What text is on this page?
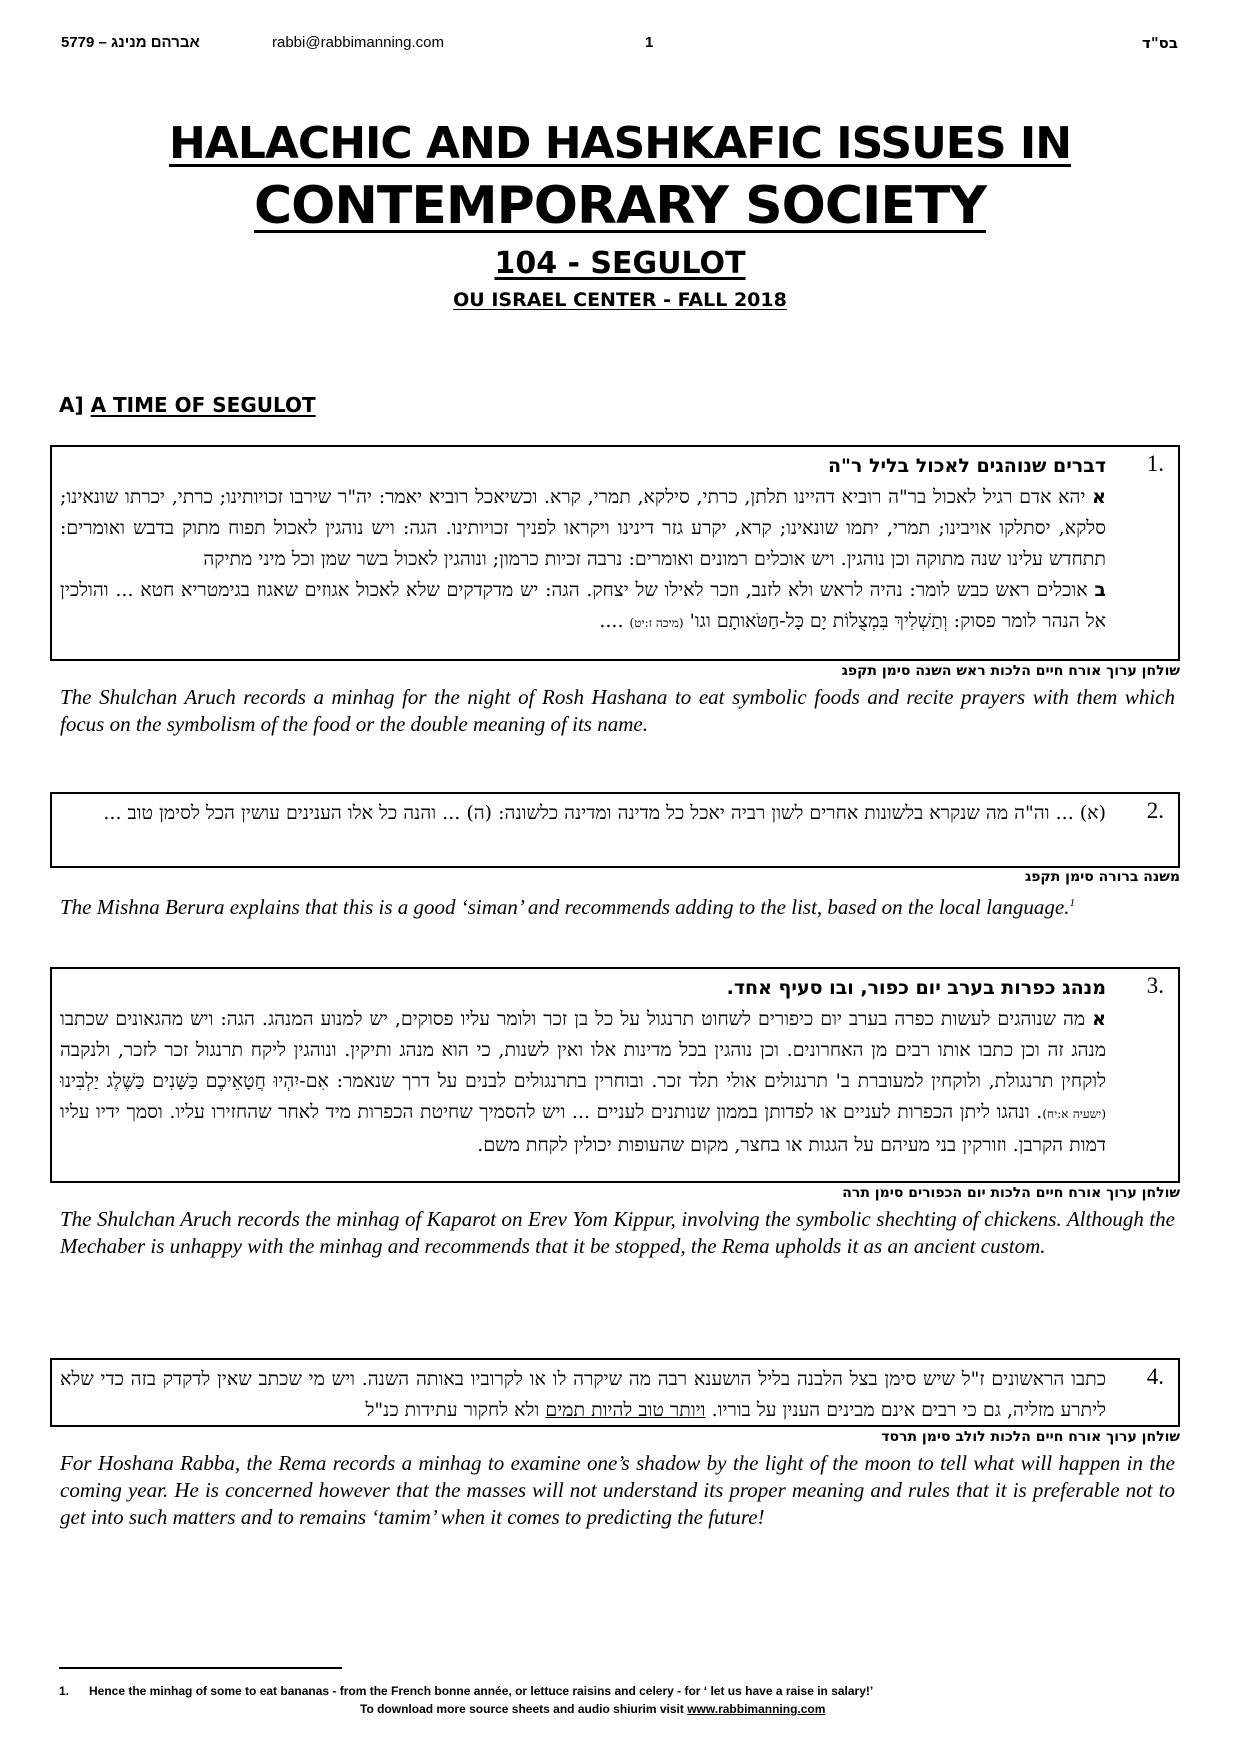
5779 – אברהם מנינג	rabbi@rabbimanning.com	1	בס"ד
HALACHIC AND HASHKAFIC ISSUES IN
CONTEMPORARY SOCIETY
104 - SEGULOT
OU ISRAEL CENTER - FALL 2018
A] A TIME OF SEGULOT
1.
דברים שנוהגים לאכול בליל ר"ה
א יהא אדם רגיל לאכול בר"ה רוביא דהיינו תלתן, כרתי, סילקא, תמרי, קרא. וכשיאכל רוביא יאמר: יה"ר שירבו זכויותינו; כרתי, יכרתו שונאינו; סלקא, יסתלקו אויבינו; תמרי, יתמו שונאינו; קרא, יקרע גזר דינינו ויקראו לפניך זכויותינו. הגה: ויש נוהגין לאכול תפוח מתוק בדבש ואומרים: תתחדש עלינו שנה מתוקה וכן נוהגין. ויש אוכלים רמונים ואומרים: נרבה זכיות כרמון; ונוהגין לאכול בשר שמן וכל מיני מתיקה
ב אוכלים ראש כבש לומר: נהיה לראש ולא לזנב, וזכר לאילו של יצחק. הגה: יש מדקדקים שלא לאכול אגוזים שאגוז בגימטריא חטא ... והולכין אל הנהר לומר פסוק: וְתַשְׁלִיךְ בִּמְצֻלוֹת יָם כָּל-חַטֹּאותָם וגו' (מיכה ז:יט) ....
שולחן ערוך אורח חיים הלכות ראש השנה סימן תקפג
The Shulchan Aruch records a minhag for the night of Rosh Hashana to eat symbolic foods and recite prayers with them which focus on the symbolism of the food or the double meaning of its name.
2.
(א) ... וה"ה מה שנקרא בלשונות אחרים לשון רביה יאכל כל מדינה ומדינה כלשונה: (ה) ... והנה כל אלו הענינים עושין הכל לסימן טוב ...
משנה ברורה סימן תקפג
The Mishna Berura explains that this is a good ‘siman’ and recommends adding to the list, based on the local language.$^1$
3.
מנהג כפרות בערב יום כפור, ובו סעיף אחד.
א מה שנוהגים לעשות כפרה בערב יום כיפורים לשחוט תרנגול על כל בן זכר ולומר עליו פסוקים, יש למנוע המנהג. הגה: ויש מהגאונים שכתבו מנהג זה וכן כתבו אותו רבים מן האחרונים. וכן נוהגין בכל מדינות אלו ואין לשנות, כי הוא מנהג ותיקין. ונוהגין ליקח תרנגול זכר לזכר, ולנקבה לוקחין תרנגולת, ולוקחין למעוברת ב' תרנגולים אולי תלד זכר. ובוחרין בתרנגולים לבנים על דרך שנאמר: אִם-יִהְיוּ חֲטָאֵיכֶם כַּשָּׁנִים כַּשֶּׁלֶג יַלְבִּינוּ (ישעיה א:יח). ונהגו ליתן הכפרות לעניים או לפדותן בממון שנותנים לעניים ... ויש להסמיך שחיטת הכפרות מיד לאחר שהחזירו עליו. וסמך ידיו עליו דמות הקרבן. וזורקין בני מעיהם על הגגות או בחצר, מקום שהעופות יכולין לקחת משם.
שולחן ערוך אורח חיים הלכות יום הכפורים סימן תרה
The Shulchan Aruch records the minhag of Kaparot on Erev Yom Kippur, involving the symbolic shechting of chickens. Although the Mechaber is unhappy with the minhag and recommends that it be stopped, the Rema upholds it as an ancient custom.
4.
כתבו הראשונים ז"ל שיש סימן בצל הלבנה בליל הושענא רבה מה שיקרה לו או לקרוביו באותה השנה. ויש מי שכתב שאין לדקדק בזה כדי שלא ליתרע מזליה, גם כי רבים אינם מבינים הענין על בוריו. ויותר טוב להיות תמים ולא לחקור עתידות כנ"ל
שולחן ערוך אורח חיים הלכות לולב סימן תרסד
For Hoshana Rabba, the Rema records a minhag to examine one’s shadow by the light of the moon to tell what will happen in the coming year. He is concerned however that the masses will not understand its proper meaning and rules that it is preferable not to get into such matters and to remains ‘tamim’ when it comes to predicting the future!
1. Hence the minhag of some to eat bananas - from the French bonne année, or lettuce raisins and celery - for ‘ let us have a raise in salary!’
To download more source sheets and audio shiurim visit www.rabbimanning.com
